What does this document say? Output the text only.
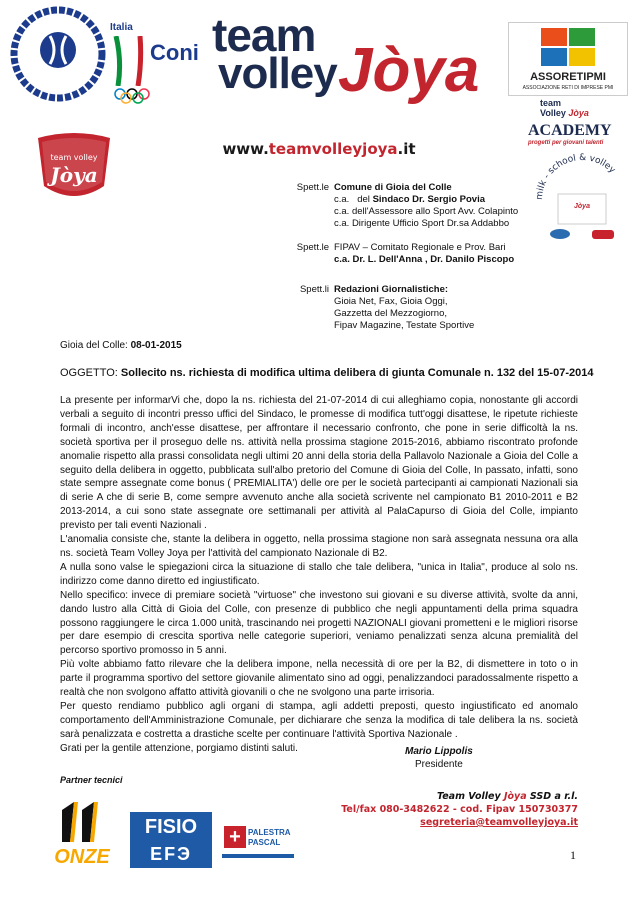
Italia
Coni team
volley Jòya	ASSORETIPMI
ASSOCIAZIONE RETI DI IMPRESE PMI
team
Volley Jòya
ACADEMY
progetti per giovani talenti
milk - school & volley
Jòya
team volley
Jòya
www.teamvolleyjoya.it
Spett.le Comune di Gioia del Colle
c.a.   del Sindaco Dr. Sergio Povia
c.a. dell'Assessore allo Sport Avv. Colapinto
c.a. Dirigente Ufficio Sport Dr.sa Addabbo
Spett.le FIPAV – Comitato Regionale e Prov. Bari
c.a. Dr. L. Dell'Anna , Dr. Danilo Piscopo
Spett.li Redazioni Giornalistiche:
Gioia Net, Fax, Gioia Oggi,
Gazzetta del Mezzogiorno,
Fipav Magazine, Testate Sportive
Gioia del Colle: 08-01-2015
OGGETTO: Sollecito ns. richiesta di modifica ultima delibera di giunta Comunale n. 132 del 15-07-2014

La presente per informarVi che, dopo la ns. richiesta del 21-07-2014 di cui alleghiamo copia, nonostante gli accordi verbali a seguito di incontri presso uffici del Sindaco, le promesse di modifica tutt'oggi disattese, le ripetute richieste formali di incontro, anch'esse disattese, per affrontare il necessario confronto, che pone in serie difficoltà la ns. società sportiva per il proseguo delle ns. attività nella prossima stagione 2015-2016, abbiamo riscontrato profonde anomalie rispetto alla prassi consolidata negli ultimi 20 anni della storia della Pallavolo Nazionale a Gioia del Colle a seguito della delibera in oggetto, pubblicata sull'albo pretorio del Comune di Gioia del Colle, In passato, infatti, sono state sempre assegnate come bonus ( PREMIALITA') delle ore per le società partecipanti ai campionati Nazionali sia di serie A che di serie B, come sempre avvenuto anche alla società scrivente nel campionato B1 2010-2011 e B2 2013-2014, a cui sono state assegnate ore settimanali per attività al PalaCapurso di Gioia del Colle, impianto previsto per tali eventi Nazionali .

L'anomalia consiste che, stante la delibera in oggetto, nella prossima stagione non sarà assegnata nessuna ora alla ns. società Team Volley Joya per l'attività del campionato Nazionale di B2.

A nulla sono valse le spiegazioni circa la situazione di stallo che tale delibera, "unica in Italia", produce al solo ns. indirizzo come danno diretto ed ingiustificato.

Nello specifico: invece di premiare società "virtuose" che investono sui giovani e su diverse attività, svolte da anni, dando lustro alla Città di Gioia del Colle, con presenze di pubblico che negli appuntamenti della prima squadra possono raggiungere le circa 1.000 unità, trascinando nei progetti NAZIONALI giovani prometteni e le migliori risorse per dare esempio di crescita sportiva nelle categorie superiori, veniamo penalizzati senza alcuna premialità del percorso sportivo promosso in 5 anni.

Più volte abbiamo fatto rilevare che la delibera impone, nella necessità di ore per la B2, di dismettere in toto o in parte il programma sportivo del settore giovanile alimentato sino ad oggi, penalizzandoci paradossalmente rispetto a realtà che non svolgono affatto attività giovanili o che ne svolgono una parte irrisoria.

Per questo rendiamo pubblico agli organi di stampa, agli addetti preposti, questo ingiustificato ed anomalo comportamento dell'Amministrazione Comunale, per dichiarare che senza la modifica di tale delibera la ns. società sarà penalizzata e costretta a drastiche scelte per continuare l'attività Sportiva Nazionale .

Grati per la gentile attenzione, porgiamo distinti saluti.	Mario Lippolis
Presidente
Partner tecnici
Team Volley Jòya SSD a r.l.
Tel/fax 080-3482622 - cod. Fipav 150730377
segreteria@teamvolleyjoya.it
ONZE
FISIO
EFЭ
+ PALESTRA PASCAL
1
